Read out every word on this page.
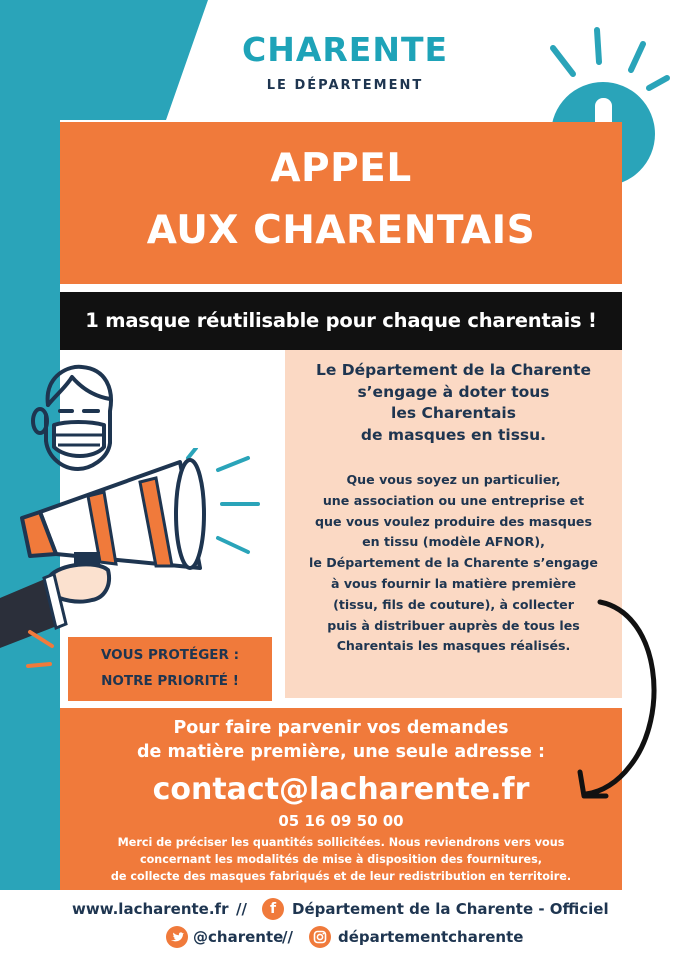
CHARENTE
LE DÉPARTEMENT
APPEL
AUX CHARENTAIS
1 masque réutilisable pour chaque charentais !
Le Département de la Charente
s’engage à doter tous
les Charentais
de masques en tissu.
Que vous soyez un particulier,
une association ou une entreprise et
que vous voulez produire des masques
en tissu (modèle AFNOR),
le Département de la Charente s’engage
à vous fournir la matière première
(tissu, fils de couture), à collecter
puis à distribuer auprès de tous les
Charentais les masques réalisés.
VOUS PROTÉGER :
NOTRE PRIORITÉ !
Pour faire parvenir vos demandes
de matière première, une seule adresse :
contact@lacharente.fr
05 16 09 50 00
Merci de préciser les quantités sollicitées. Nous reviendrons vers vous
concernant les modalités de mise à disposition des fournitures,
de collecte des masques fabriqués et de leur redistribution en territoire.
www.lacharente.fr //	f	Département de la Charente - Officiel
@charente
//	départementcharente
